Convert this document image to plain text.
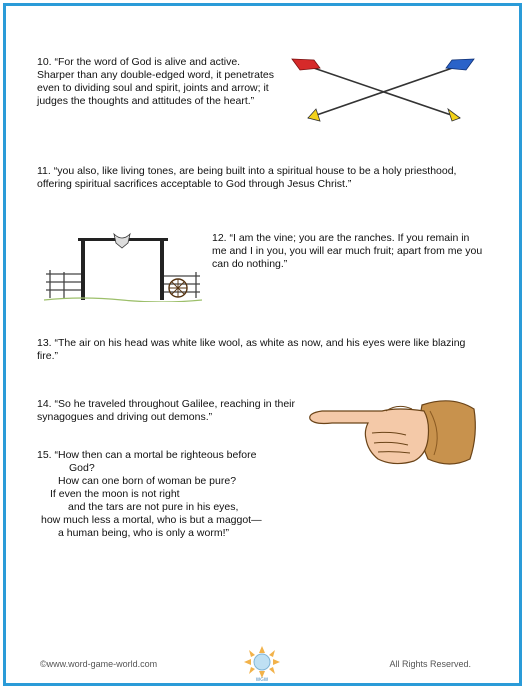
10. “For the word of God is alive and active. Sharper than any double-edged word, it penetrates even to dividing soul and spirit, joints and arrow; it judges the thoughts and attitudes of the heart.”

11. “you also, like living tones, are being built into a spiritual house to be a holy priesthood, offering spiritual sacrifices acceptable to God through Jesus Christ.”

12. “I am the vine; you are the ranches. If you remain in me and I in you, you will ear much fruit; apart from me you can do nothing.”

13. “The air on his head was white like wool, as white as now, and his eyes were like blazing fire.”

14. “So he traveled throughout Galilee, reaching in their synagogues and driving out demons.”

15. “How then can a mortal be righteous before
God?
How can one born of woman be pure?
If even the moon is not right
and the tars are not pure in his eyes,
how much less a mortal, who is but a maggot—
a human being, who is only a worm!”

©www.word-game-world.com
WGW
All Rights Reserved.
